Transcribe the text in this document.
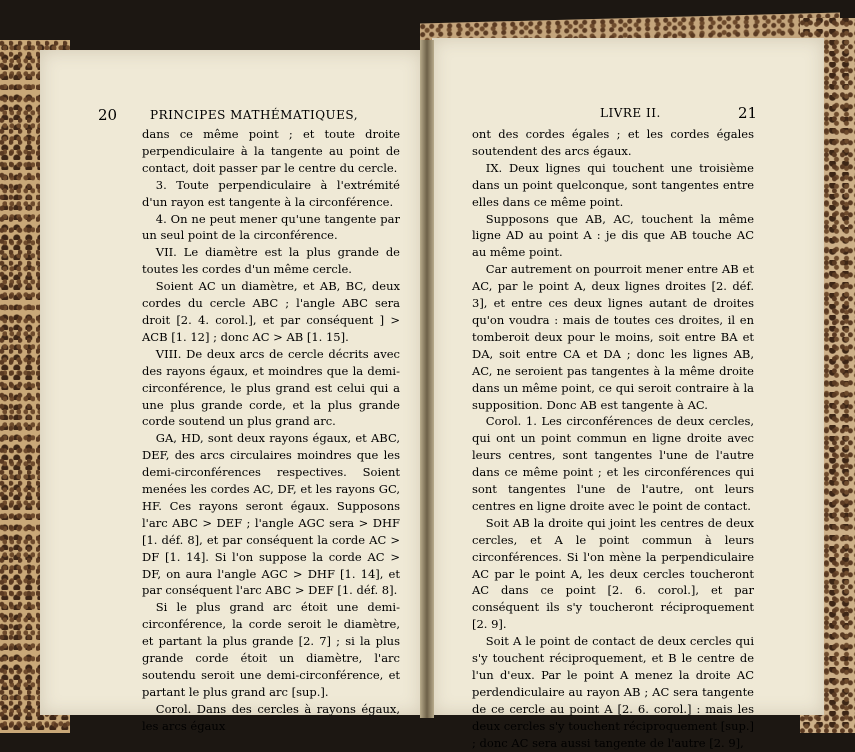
20	PRINCIPES MATHÉMATIQUES,	LIVRE II.	21

dans ce même point ; et toute droite perpendiculaire à la tangente au point de contact, doit passer par le centre du cercle.

3. Toute perpendiculaire à l'extrémité d'un rayon est tangente à la circonférence.

4. On ne peut mener qu'une tangente par un seul point de la circonférence.

VII. Le diamètre est la plus grande de toutes les cordes d'un même cercle.

Soient AC un diamètre, et AB, BC, deux cordes du cercle ABC ; l'angle ABC sera droit [2. 4. corol.], et par conséquent ] > ACB [1. 12] ; donc AC > AB [1. 15].

VIII. De deux arcs de cercle décrits avec des rayons égaux, et moindres que la demi-circonférence, le plus grand est celui qui a une plus grande corde, et la plus grande corde soutend un plus grand arc.

GA, HD, sont deux rayons égaux, et ABC, DEF, des arcs circulaires moindres que les demi-circonférences respectives. Soient menées les cordes AC, DF, et les rayons GC, HF. Ces rayons seront égaux. Supposons l'arc ABC > DEF ; l'angle AGC sera > DHF [1. déf. 8], et par conséquent la corde AC > DF [1. 14]. Si l'on suppose la corde AC > DF, on aura l'angle AGC > DHF [1. 14], et par conséquent l'arc ABC > DEF [1. déf. 8].

Si le plus grand arc étoit une demi-circonférence, la corde seroit le diamètre, et partant la plus grande [2. 7] ; si la plus grande corde étoit un diamètre, l'arc soutendu seroit une demi-circonférence, et partant le plus grand arc [sup.].

Corol. Dans des cercles à rayons égaux, les arcs égaux

ont des cordes égales ; et les cordes égales soutendent des arcs égaux.

IX. Deux lignes qui touchent une troisième dans un point quelconque, sont tangentes entre elles dans ce même point.

Supposons que AB, AC, touchent la même ligne AD au point A : je dis que AB touche AC au même point.

Car autrement on pourroit mener entre AB et AC, par le point A, deux lignes droites [2. déf. 3], et entre ces deux lignes autant de droites qu'on voudra : mais de toutes ces droites, il en tomberoit deux pour le moins, soit entre BA et DA, soit entre CA et DA ; donc les lignes AB, AC, ne seroient pas tangentes à la même droite dans un même point, ce qui seroit contraire à la supposition. Donc AB est tangente à AC.

Corol. 1. Les circonférences de deux cercles, qui ont un point commun en ligne droite avec leurs centres, sont tangentes l'une de l'autre dans ce même point ; et les circonférences qui sont tangentes l'une de l'autre, ont leurs centres en ligne droite avec le point de contact.

Soit AB la droite qui joint les centres de deux cercles, et A le point commun à leurs circonférences. Si l'on mène la perpendiculaire AC par le point A, les deux cercles toucheront AC dans ce point [2. 6. corol.], et par conséquent ils s'y toucheront réciproquement [2. 9].

Soit A le point de contact de deux cercles qui s'y touchent réciproquement, et B le centre de l'un d'eux. Par le point A menez la droite AC perdendiculaire au rayon AB ; AC sera tangente de ce cercle au point A [2. 6. corol.] : mais les deux cercles s'y touchent réciproquement [sup.] ; donc AC sera aussi tangente de l'autre [2. 9],
